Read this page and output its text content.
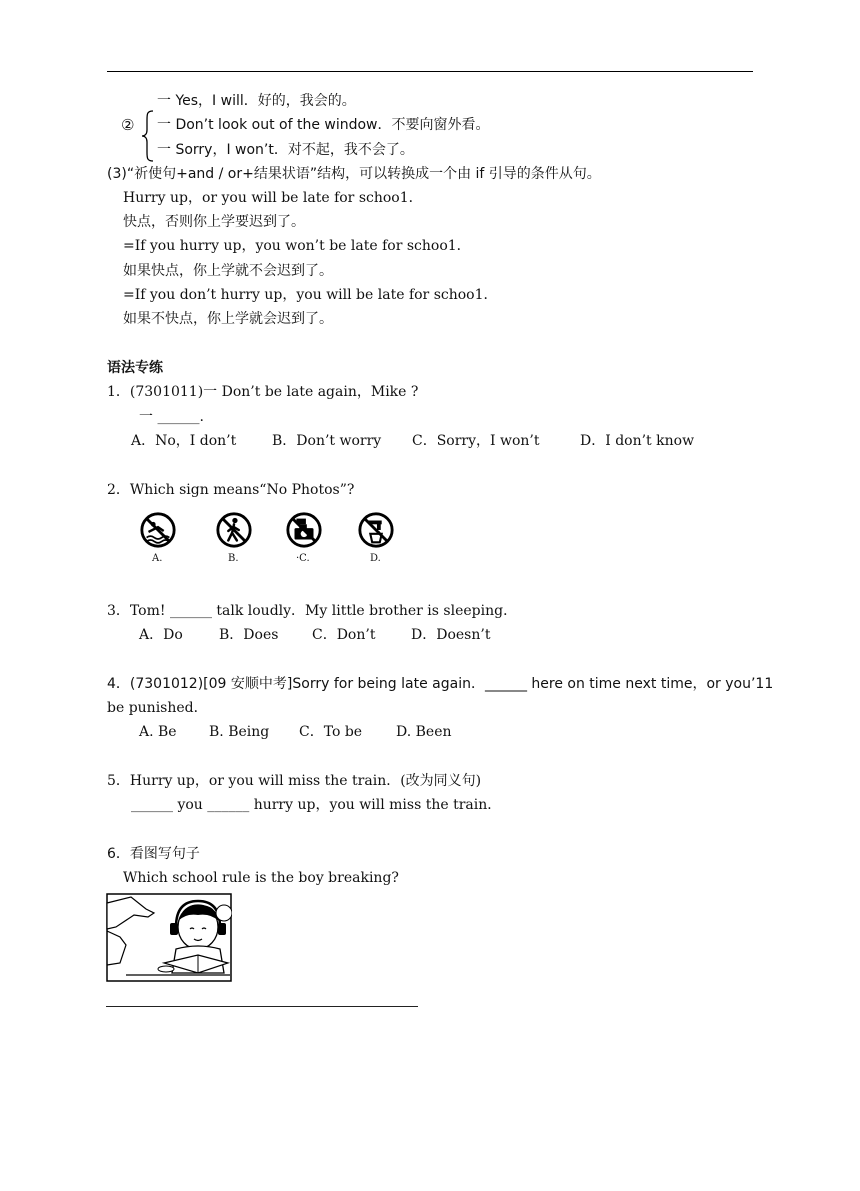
一 Yes，I will．好的，我会的。
一 Don’t look out of the window．不要向窗外看。
一 Sorry，I won’t．对不起，我不会了。
②
(3)“祈使句+and / or+结果状语”结构，可以转换成一个由 if 引导的条件从句。
Hurry up，or you will be late for schoo1．
快点，否则你上学要迟到了。
=If you hurry up，you won’t be late for schoo1．
如果快点，你上学就不会迟到了。
=If you don’t hurry up，you will be late for schoo1．
如果不快点，你上学就会迟到了。
语法专练
1．(7301011)一 Don’t be late again，Mike ?
一 ______.
A．No，I don’t	B．Don’t worry C．Sorry，I won’t	D．I don’t know
2．Which sign means“No Photos”?
A.	B.	·C.	D.
3．Tom! ______ talk loudly．My little brother is sleeping．
A．Do	B．Does C．Don’t	D．Doesn’t
4．(7301012)[09 安顺中考]Sorry for being late again．______ here on time next time，or you’11
be punished．
A. Be B. Being C．To be D. Been
5．Hurry up，or you will miss the train．(改为同义句)
______ you ______ hurry up，you will miss the train．
6．看图写句子
Which school rule is the boy breaking?
